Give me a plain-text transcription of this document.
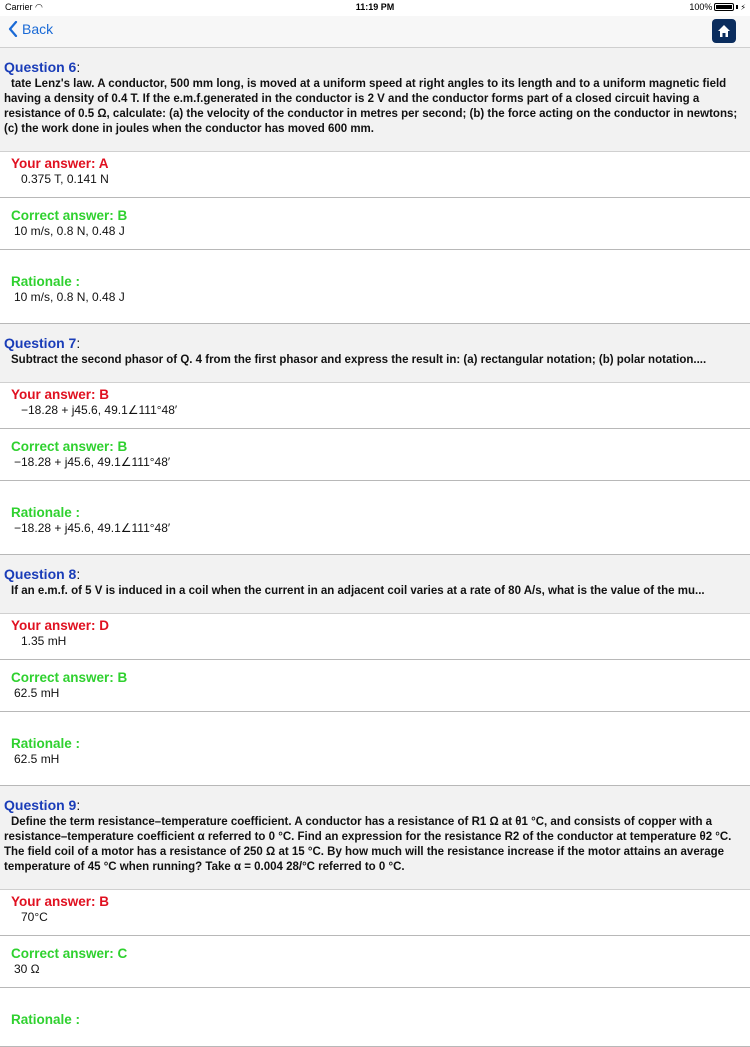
Carrier ◠	11:19 PM	100%	⚡
Back
Question 6:
tate Lenz's law. A conductor, 500 mm long, is moved at a uniform speed at right angles to its length and to a uniform magnetic field having a density of 0.4 T. If the e.m.f.generated in the conductor is 2 V and the conductor forms part of a closed circuit having a resistance of 0.5 Ω, calculate: (a) the velocity of the conductor in metres per second; (b) the force acting on the conductor in newtons; (c) the work done in joules when the conductor has moved 600 mm.
Your answer: A
0.375 T, 0.141 N
Correct answer: B
10 m/s, 0.8 N, 0.48 J
Rationale :
10 m/s, 0.8 N, 0.48 J
Question 7:
Subtract the second phasor of Q. 4 from the first phasor and express the result in: (a) rectangular notation; (b) polar notation....
Your answer: B
−18.28 + j45.6, 49.1∠111°48′
Correct answer: B
−18.28 + j45.6, 49.1∠111°48′
Rationale :
−18.28 + j45.6, 49.1∠111°48′
Question 8:
If an e.m.f. of 5 V is induced in a coil when the current in an adjacent coil varies at a rate of 80 A/s, what is the value of the mu...
Your answer: D
1.35 mH
Correct answer: B
62.5 mH
Rationale :
62.5 mH
Question 9:
Define the term resistance–temperature coefficient. A conductor has a resistance of R1 Ω at θ1 °C, and consists of copper with a resistance–temperature coefficient α referred to 0 °C. Find an expression for the resistance R2 of the conductor at temperature θ2 °C. The field coil of a motor has a resistance of 250 Ω at 15 °C. By how much will the resistance increase if the motor attains an average temperature of 45 °C when running? Take α = 0.004 28/°C referred to 0 °C.
Your answer: B
70°C
Correct answer: C
30 Ω
Rationale :
